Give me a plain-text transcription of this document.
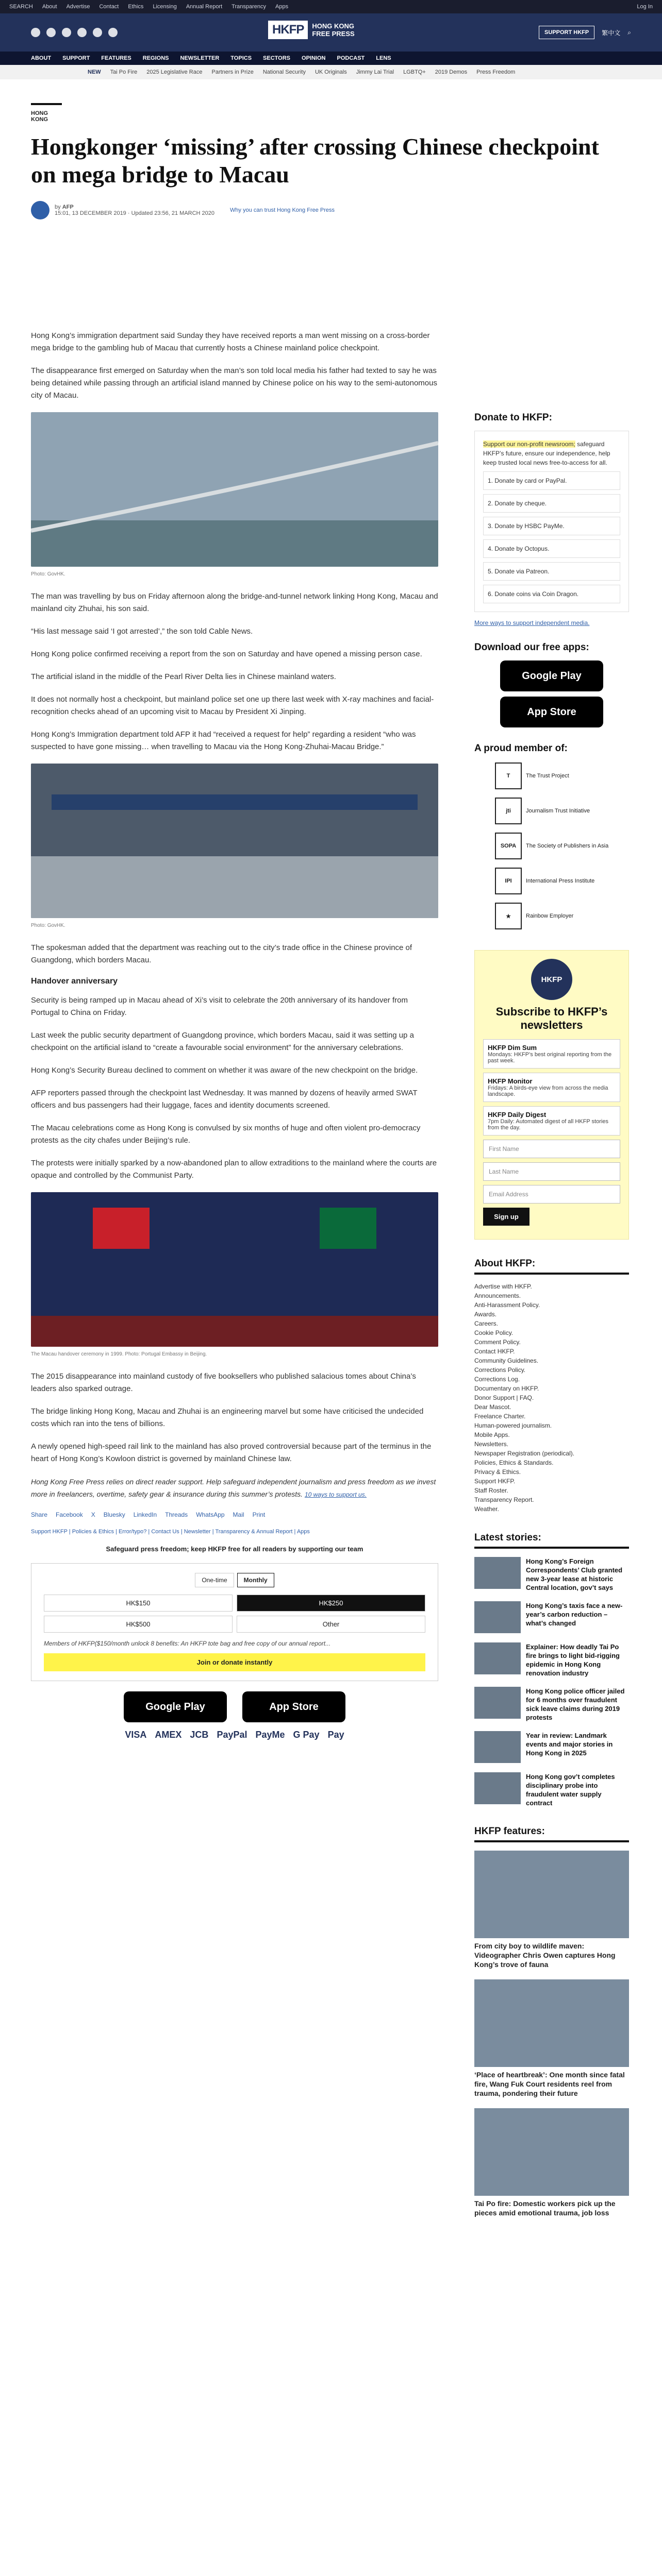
SEARCH About Advertise Contact Ethics Licensing Annual Report Transparency Apps	Log In
HKFP	HONG KONG
FREE PRESS	SUPPORT HKFP	繁中文 ⌕
ABOUT SUPPORT FEATURES REGIONS NEWSLETTER TOPICS SECTORS OPINION PODCAST LENS
NEW Tai Po Fire 2025 Legislative Race Partners in Prize National Security UK Originals Jimmy Lai Trial LGBTQ+ 2019 Demos Press Freedom
HONG KONG
Hongkonger ‘missing’ after crossing Chinese checkpoint on mega bridge to Macau
by AFP
15:01, 13 DECEMBER 2019 · Updated 23:56, 21 MARCH 2020	Why you can trust Hong Kong Free Press

Hong Kong’s immigration department said Sunday they have received reports a man went missing on a cross-border mega bridge to the gambling hub of Macau that currently hosts a Chinese mainland police checkpoint.

The disappearance first emerged on Saturday when the man’s son told local media his father had texted to say he was being detained while passing through an artificial island manned by Chinese police on his way to the semi-autonomous city of Macau.

Photo: GovHK.

The man was travelling by bus on Friday afternoon along the bridge-and-tunnel network linking Hong Kong, Macau and mainland city Zhuhai, his son said.

“His last message said ‘I got arrested’,” the son told Cable News.

Hong Kong police confirmed receiving a report from the son on Saturday and have opened a missing person case.

The artificial island in the middle of the Pearl River Delta lies in Chinese mainland waters.

It does not normally host a checkpoint, but mainland police set one up there last week with X-ray machines and facial-recognition checks ahead of an upcoming visit to Macau by President Xi Jinping.

Hong Kong’s Immigration department told AFP it had “received a request for help” regarding a resident “who was suspected to have gone missing… when travelling to Macau via the Hong Kong-Zhuhai-Macau Bridge.”

Photo: GovHK.

The spokesman added that the department was reaching out to the city’s trade office in the Chinese province of Guangdong, which borders Macau.

Handover anniversary

Security is being ramped up in Macau ahead of Xi’s visit to celebrate the 20th anniversary of its handover from Portugal to China on Friday.

Last week the public security department of Guangdong province, which borders Macau, said it was setting up a checkpoint on the artificial island to “create a favourable social environment” for the anniversary celebrations.

Hong Kong’s Security Bureau declined to comment on whether it was aware of the new checkpoint on the bridge.

AFP reporters passed through the checkpoint last Wednesday. It was manned by dozens of heavily armed SWAT officers and bus passengers had their luggage, faces and identity documents screened.

The Macau celebrations come as Hong Kong is convulsed by six months of huge and often violent pro-democracy protests as the city chafes under Beijing’s rule.

The protests were initially sparked by a now-abandoned plan to allow extraditions to the mainland where the courts are opaque and controlled by the Communist Party.

The Macau handover ceremony in 1999. Photo: Portugal Embassy in Beijing.

The 2015 disappearance into mainland custody of five booksellers who published salacious tomes about China’s leaders also sparked outrage.

The bridge linking Hong Kong, Macau and Zhuhai is an engineering marvel but some have criticised the undecided costs which ran into the tens of billions.

A newly opened high-speed rail link to the mainland has also proved controversial because part of the terminus in the heart of Hong Kong’s Kowloon district is governed by mainland Chinese law.

Hong Kong Free Press relies on direct reader support. Help safeguard independent journalism and press freedom as we invest more in freelancers, overtime, safety gear & insurance during this summer’s protests. 10 ways to support us.

Share Facebook X Bluesky LinkedIn Threads WhatsApp Mail Print
Support HKFP | Policies & Ethics | Error/typo? | Contact Us | Newsletter | Transparency & Annual Report | Apps
Safeguard press freedom; keep HKFP free for all readers by supporting our team
One-time	Monthly
HK$150	HK$250
HK$500	Other
Members of HKFP($150/month unlock 8 benefits: An HKFP tote bag and free copy of our annual report...
Join or donate instantly
Google Play	App Store
VISA AMEX JCB PayPal PayMe G Pay Pay
Donate to HKFP:
Support our non-profit newsroom; safeguard HKFP’s future, ensure our independence, help keep trusted local news free-to-access for all.
1. Donate by card or PayPal.
2. Donate by cheque.
3. Donate by HSBC PayMe.
4. Donate by Octopus.
5. Donate via Patreon.
6. Donate coins via Coin Dragon.
More ways to support independent media.
Download our free apps:
Google Play
App Store
A proud member of:
T	The Trust Project
jti	Journalism Trust Initiative
SOPA	The Society of Publishers in Asia
IPI	International Press Institute
★	Rainbow Employer
HKFP
Subscribe to HKFP’s newsletters
HKFP Dim Sum
Mondays: HKFP’s best original reporting from the past week.
HKFP Monitor
Fridays: A birds-eye view from across the media landscape.
HKFP Daily Digest
7pm Daily: Automated digest of all HKFP stories from the day.
First Name
Last Name
Email Address
Sign up
About HKFP:
Advertise with HKFP.
Announcements.
Anti-Harassment Policy.
Awards.
Careers.
Cookie Policy.
Comment Policy.
Contact HKFP.
Community Guidelines.
Corrections Policy.
Corrections Log.
Documentary on HKFP.
Donor Support | FAQ.
Dear Mascot.
Freelance Charter.
Human-powered journalism.
Mobile Apps.
Newsletters.
Newspaper Registration (periodical).
Policies, Ethics & Standards.
Privacy & Ethics.
Support HKFP.
Staff Roster.
Transparency Report.
Weather.
Latest stories:
Hong Kong’s Foreign Correspondents’ Club granted new 3-year lease at historic Central location, gov’t says
Hong Kong’s taxis face a new-year’s carbon reduction – what’s changed
Explainer: How deadly Tai Po fire brings to light bid-rigging epidemic in Hong Kong renovation industry
Hong Kong police officer jailed for 6 months over fraudulent sick leave claims during 2019 protests
Year in review: Landmark events and major stories in Hong Kong in 2025
Hong Kong gov’t completes disciplinary probe into fraudulent water supply contract
HKFP features:
From city boy to wildlife maven: Videographer Chris Owen captures Hong Kong’s trove of fauna
‘Place of heartbreak’: One month since fatal fire, Wang Fuk Court residents reel from trauma, pondering their future
Tai Po fire: Domestic workers pick up the pieces amid emotional trauma, job loss
